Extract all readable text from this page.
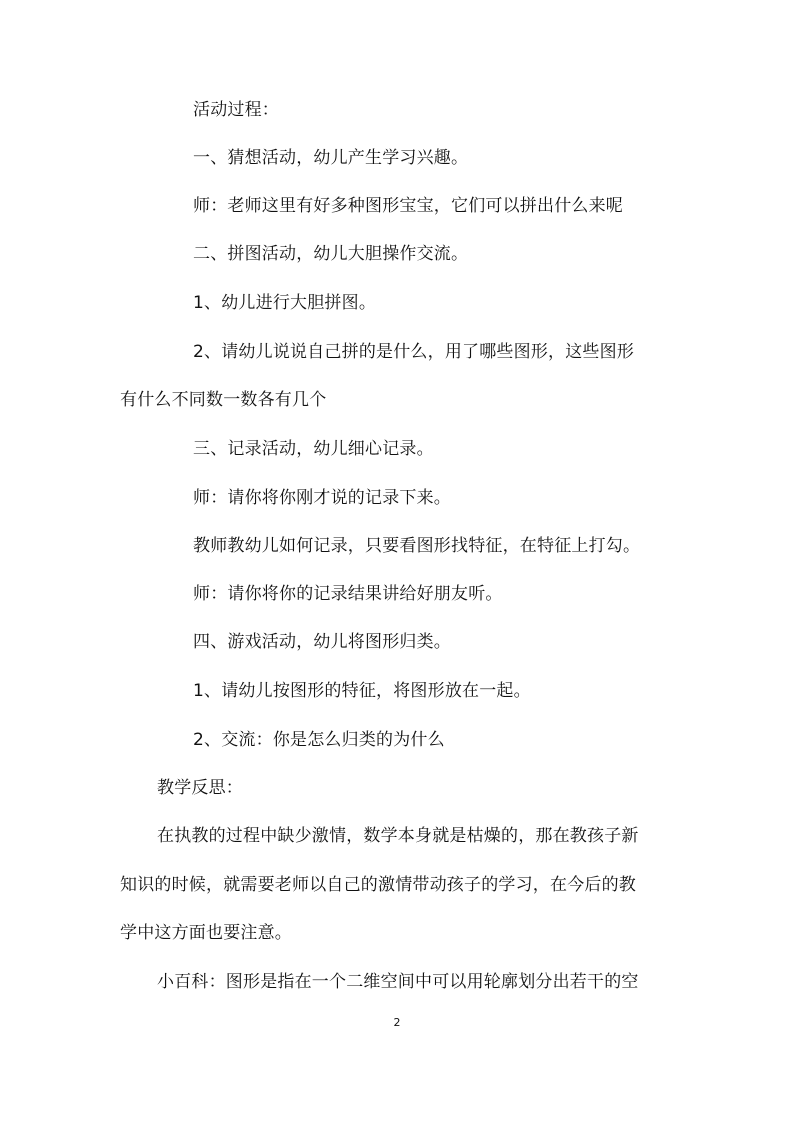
活动过程：
一、猜想活动，幼儿产生学习兴趣。
师：老师这里有好多种图形宝宝，它们可以拼出什么来呢
二、拼图活动，幼儿大胆操作交流。
1、幼儿进行大胆拼图。
2、请幼儿说说自己拼的是什么，用了哪些图形，这些图形
有什么不同数一数各有几个
三、记录活动，幼儿细心记录。
师：请你将你刚才说的记录下来。
教师教幼儿如何记录，只要看图形找特征，在特征上打勾。
师：请你将你的记录结果讲给好朋友听。
四、游戏活动，幼儿将图形归类。
1、请幼儿按图形的特征，将图形放在一起。
2、交流：你是怎么归类的为什么
教学反思：
在执教的过程中缺少激情，数学本身就是枯燥的，那在教孩子新
知识的时候，就需要老师以自己的激情带动孩子的学习，在今后的教
学中这方面也要注意。
小百科：图形是指在一个二维空间中可以用轮廓划分出若干的空
2
